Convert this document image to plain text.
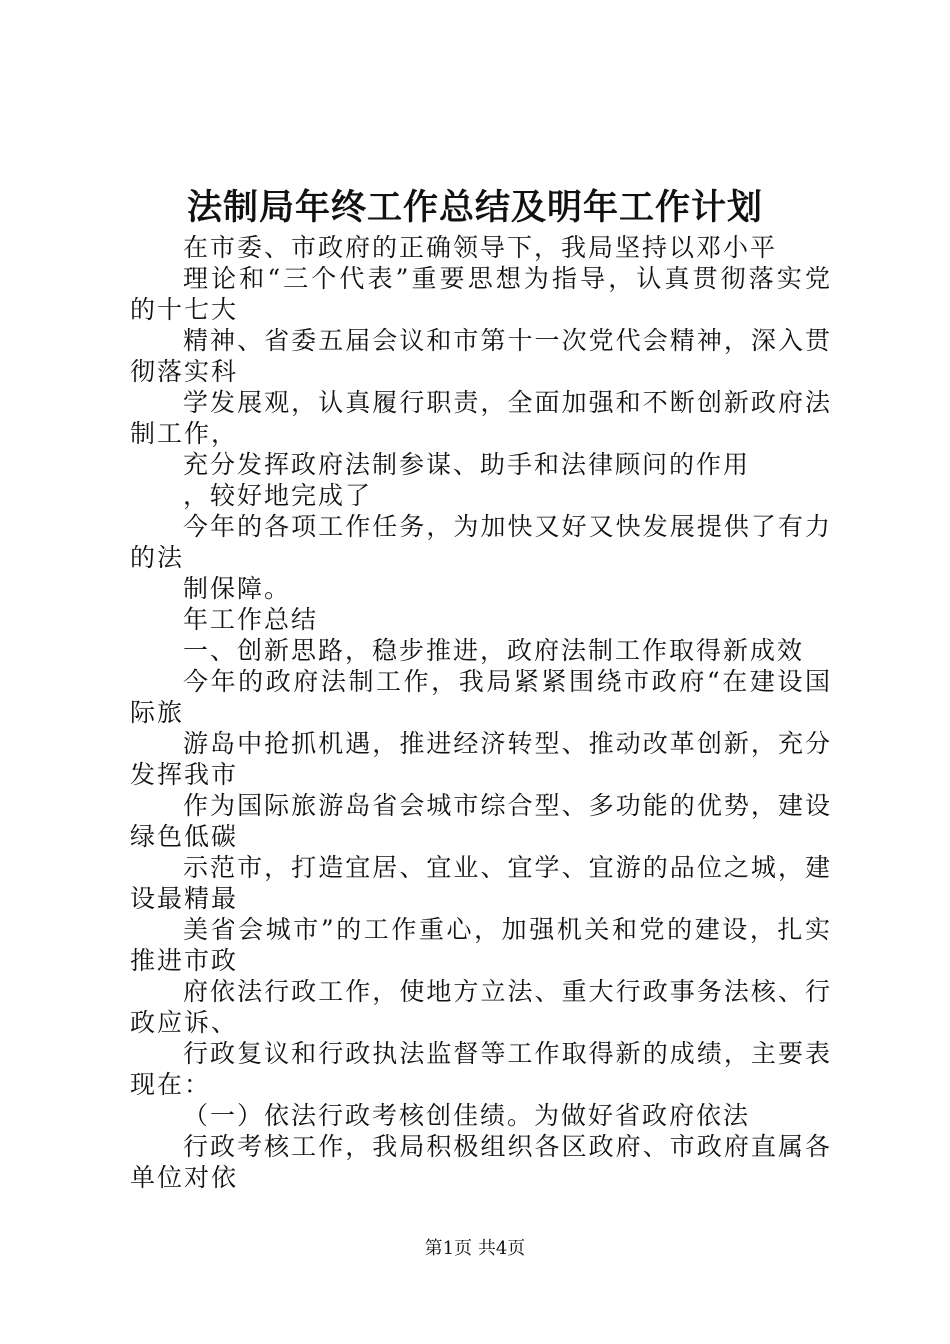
法制局年终工作总结及明年工作计划

在市委、市政府的正确领导下，我局坚持以邓小平

理论和“三个代表”重要思想为指导，认真贯彻落实党的十七大

精神、省委五届会议和市第十一次党代会精神，深入贯彻落实科

学发展观，认真履行职责，全面加强和不断创新政府法制工作，

充分发挥政府法制参谋、助手和法律顾问的作用

，较好地完成了

今年的各项工作任务，为加快又好又快发展提供了有力的法

制保障。

年工作总结

一、创新思路，稳步推进，政府法制工作取得新成效

今年的政府法制工作，我局紧紧围绕市政府“在建设国际旅

游岛中抢抓机遇，推进经济转型、推动改革创新，充分发挥我市

作为国际旅游岛省会城市综合型、多功能的优势，建设绿色低碳

示范市，打造宜居、宜业、宜学、宜游的品位之城，建设最精最

美省会城市”的工作重心，加强机关和党的建设，扎实推进市政

府依法行政工作，使地方立法、重大行政事务法核、行政应诉、

行政复议和行政执法监督等工作取得新的成绩，主要表现在：

（一）依法行政考核创佳绩。为做好省政府依法

行政考核工作，我局积极组织各区政府、市政府直属各单位对依

第1页 共4页
